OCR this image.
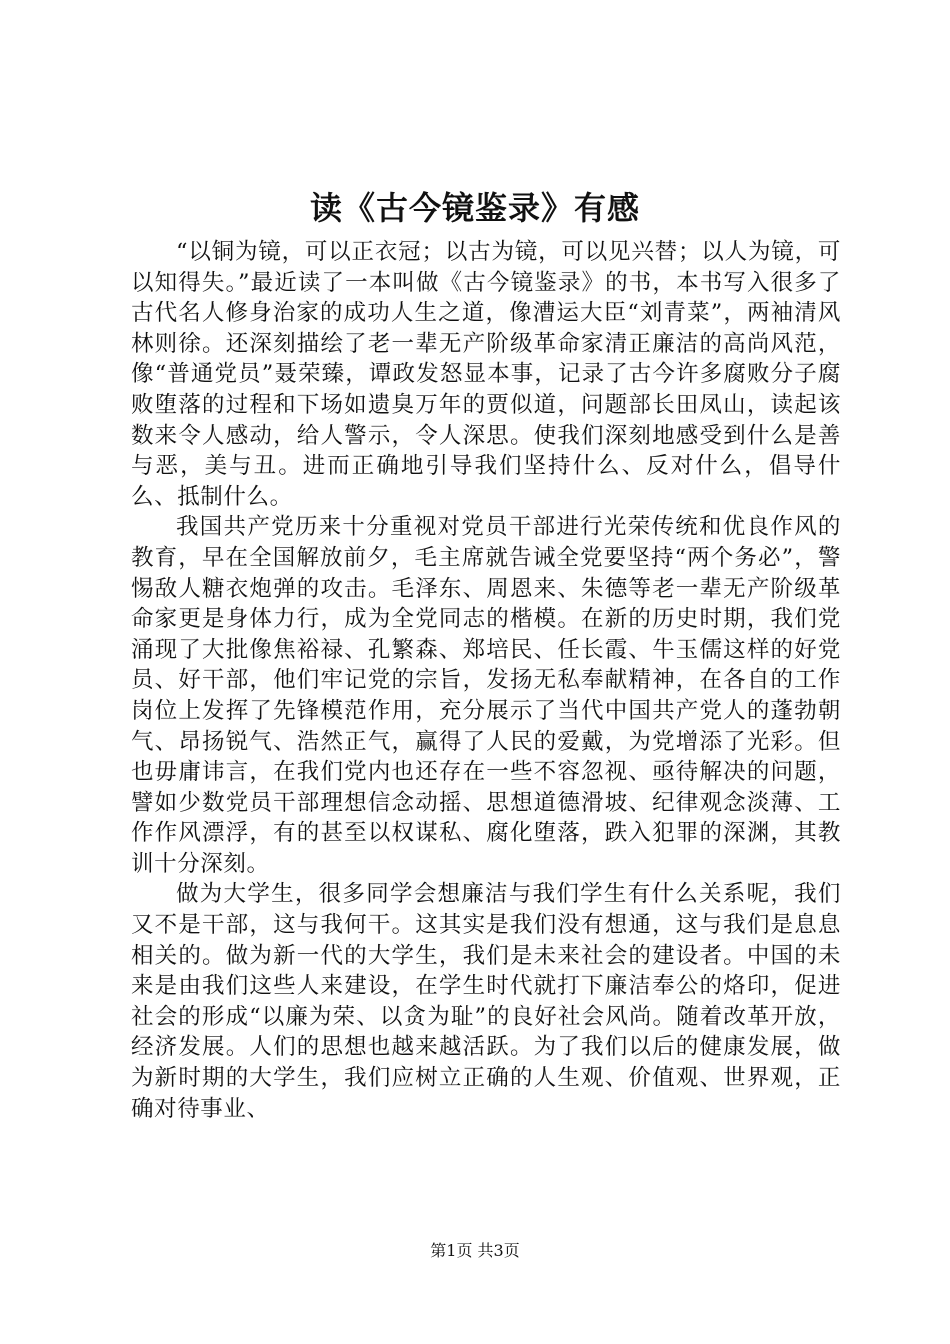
读《古今镜鉴录》有感

“以铜为镜，可以正衣冠；以古为镜，可以见兴替；以人为镜，可以知得失。”最近读了一本叫做《古今镜鉴录》的书，本书写入很多了古代名人修身治家的成功人生之道，像漕运大臣“刘青菜”，两袖清风林则徐。还深刻描绘了老一辈无产阶级革命家清正廉洁的高尚风范，像“普通党员”聂荣臻，谭政发怒显本事，记录了古今许多腐败分子腐败堕落的过程和下场如遗臭万年的贾似道，问题部长田凤山，读起该数来令人感动，给人警示，令人深思。使我们深刻地感受到什么是善与恶，美与丑。进而正确地引导我们坚持什么、反对什么，倡导什么、抵制什么。

我国共产党历来十分重视对党员干部进行光荣传统和优良作风的教育，早在全国解放前夕，毛主席就告诫全党要坚持“两个务必”，警惕敌人糖衣炮弹的攻击。毛泽东、周恩来、朱德等老一辈无产阶级革命家更是身体力行，成为全党同志的楷模。在新的历史时期，我们党涌现了大批像焦裕禄、孔繁森、郑培民、任长霞、牛玉儒这样的好党员、好干部，他们牢记党的宗旨，发扬无私奉献精神，在各自的工作岗位上发挥了先锋模范作用，充分展示了当代中国共产党人的蓬勃朝气、昂扬锐气、浩然正气，赢得了人民的爱戴，为党增添了光彩。但也毋庸讳言，在我们党内也还存在一些不容忽视、亟待解决的问题，譬如少数党员干部理想信念动摇、思想道德滑坡、纪律观念淡薄、工作作风漂浮，有的甚至以权谋私、腐化堕落，跌入犯罪的深渊，其教训十分深刻。

做为大学生，很多同学会想廉洁与我们学生有什么关系呢，我们又不是干部，这与我何干。这其实是我们没有想通，这与我们是息息相关的。做为新一代的大学生，我们是未来社会的建设者。中国的未来是由我们这些人来建设，在学生时代就打下廉洁奉公的烙印，促进社会的形成“以廉为荣、以贪为耻”的良好社会风尚。随着改革开放，经济发展。人们的思想也越来越活跃。为了我们以后的健康发展，做为新时期的大学生，我们应树立正确的人生观、价值观、世界观，正确对待事业、

第1页 共3页
